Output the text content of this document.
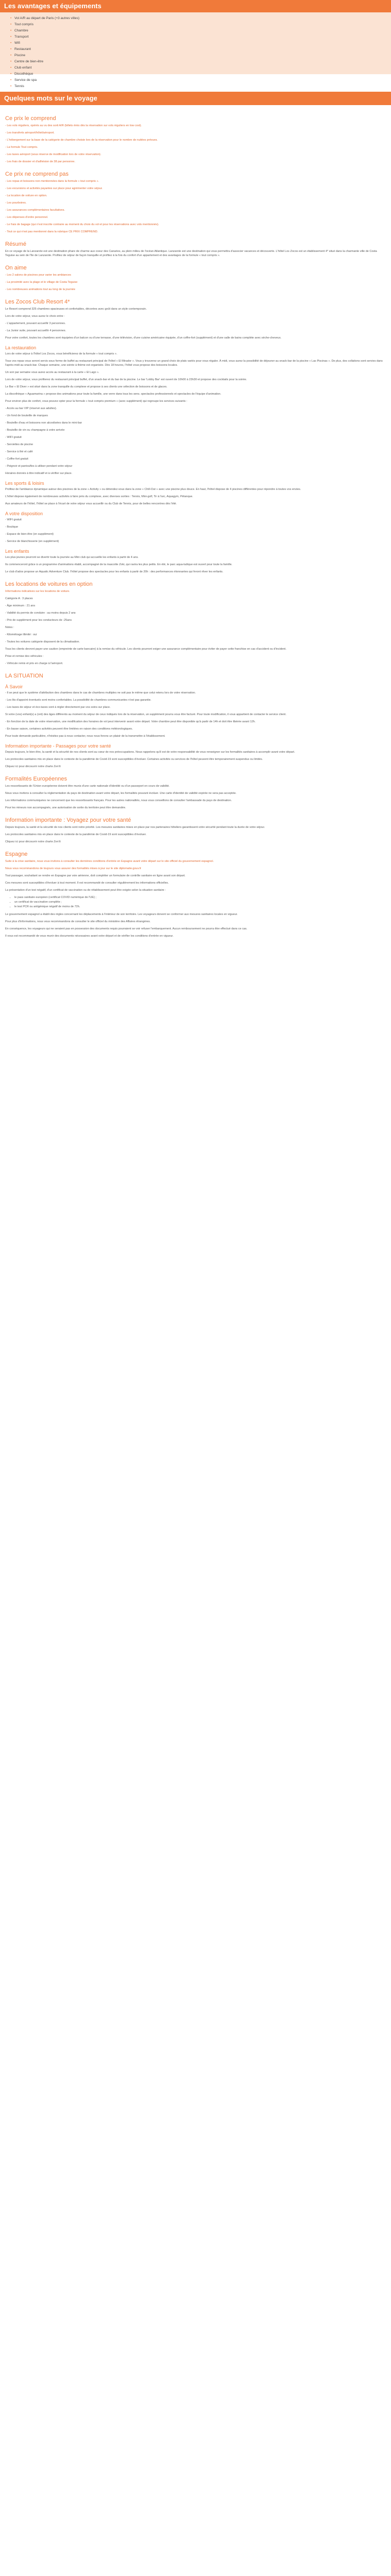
Les avantages et équipements
• Vol A/R au départ de Paris (+3 autres villes)
• Tout compris
• Chambre
• Transport
• Wifi
• Restaurant
• Piscine
• Centre de bien-être
• Club enfant
• Discothèque
• Service de spa
• Tennis
Quelques mots sur le voyage
Ce prix le comprend

- Les vols réguliers, opérés au vu des sorti A/R (billets émis dès la réservation sur vols réguliers en low cost).

- Les transferts aéroport/hôtel/aéroport.

- L'hébergement sur la base de la catégorie de chambre choisie lors de la réservation pour le nombre de nuitées prévues.

- La formule Tout compris.

- Les taxes aéroport (sous réserve de modification lors de votre réservation).

- Les frais de dossier et d'adhésion de 38 par personne.

Ce prix ne comprend pas

- Les repas et boissons non mentionnées dans la formule « tout compris ».

- Les excursions et activités payantes sur place pour agrémenter votre séjour.

- La location de voiture en option.

- Les pourboires.

- Les assurances complémentaires facultatives.

- Les dépenses d'ordre personnel.

- Le frais de bagage (qui n'est inscrite contraire au moment du choix du vol et pour les réservations avec vols mentionnés).

- Tout ce qui n'est pas mentionné dans la rubrique CE PRIX COMPREND.

Résumé

En ce voyage de la Lanzarote est une destination phare de charme aux coeur des Canaries, au plein milieu de l'océan Atlantique. Lanzarote est une destination qui vous permettra d'associer vacances et découverte. L'hôtel Los Zocos est un établissement 4* situé dans la charmante ville de Costa Teguise au sein de l'île de Lanzarote. Profitez de séjour de façon tranquille et profitez à la fois du confort d'un appartement et des avantages de la formule « tout compris ».

On aime

- Les 2 salons de piscines pour varier les ambiances

- La proximité avec la plage et le village de Costa Teguise

- Les nombreuses animations tout au long de la journée

Les Zocos Club Resort 4*

Le Resort comprend 325 chambres spacieuses et confortables, décorées avec goût dans un style contemporain.

Lors de votre séjour, vous aurez le choix entre :

- L'appartement, pouvant accueillir 3 personnes.

- La Junior suite, pouvant accueillir 4 personnes.

Pour votre confort, toutes les chambres sont équipées d'un balcon ou d'une terrasse, d'une télévision, d'une cuisine américaine équipée, d'un coffre-fort (supplément) et d'une salle de bains complète avec sèche-cheveux.

La restauration

Lors de votre séjour à l'hôtel Los Zocos, vous bénéficierez de la formule « tout compris ».

Tous vos repas vous seront servis sous forme de buffet au restaurant principal de l'hôtel « El Mirador ». Vous y trouverez un grand choix de plats variés pour vous régaler. À midi, vous aurez la possibilité de déjeuner au snack-bar de la piscine « Las Piscinas ». De plus, des collations sont servies dans l'après-midi au snack-bar. Chaque semaine, une soirée à thème est organisée. Dès 18 heures, l'hôtel vous propose des boissons locales.

Un soir par semaine vous aurez accès au restaurant à la carte « El Lago ».

Lors de votre séjour, vous profiterez du restaurant principal buffet, d'un snack-bar et du bar de la piscine. Le bar 'Lobby Bar' est ouvert de 10h00 à 23h30 et propose des cocktails pour la soirée.

Le Bar « El Diver » est situé dans la zone tranquille du complexe et propose à ses clients une sélection de boissons et de glaces.

La discothèque « Aguamarina » propose des animations pour toute la famille, une verre dans tous les sens. spectacles professionnels et spectacles de l'équipe d'animation.

Pour environ plus de confort, vous pouvez opter pour la formule « tout compris premium » (avec supplément) qui regroupe les services suivants :

- Accès au bar VIP (réservé aux adultes).

- Un fond de bouteille de marques

- Bouteille d'eau et boissons non alcoolisées dans le mini-bar

- Bouteille de vin ou champagne à votre arrivée

- WIFI gratuit

- Serviettes de piscine

- Service à thé et café

- Coffre-fort gratuit

- Peignoir et pantoufles à utiliser pendant votre séjour

Horaires donnés à titre indicatif et à vérifier sur place.

Les sports & loisirs

Profitez de l'ambiance dynamique autour des piscines de la zone « Activity » ou détendez-vous dans la zone « Chill-Out » avec une piscine plus douce. En haut, l'hôtel dispose de 4 piscines différentes pour répondre à toutes vos envies.

L'hôtel dispose également de nombreuses activités à faire près du complexe, avec diverses sorties : Tennis, Mini-golf, Tir à l'arc, Aquagym, Pétanque.

Aux amateurs de l'hôtel, l'hôtel se place à l'écart de votre séjour vous accueillir ou du Club de Tennis, pour de belles rencontres dès l'été.

A votre disposition

- WIFI gratuit

- Boutique

- Espace de bien-être (en supplément)

- Service de blanchisserie (en supplément)

Les enfants

Les plus jeunes pourront se divertir toute la journée au Mini club qui accueille les enfants à partir de 4 ans.

Ils commenceront grâce à un programme d'animations établi, accompagné de la mascotte Zoki, qui ravira les plus petits. En été, le parc aqua-ludique est ouvert pour toute la famille.

Le club d'ados propose un Aquatic Adventure Club. l'hôtel propose des spectacles pour les enfants à partir de 20h : des performances étonnantes qui feront rêver les enfants.

Les locations de voitures en option

Informations indicatives sur les locations de voiture.

Catégorie A : 3 places

- Âge minimum : 21 ans

- Validité du permis de conduire : au moins depuis 2 ans

- Prix de supplément pour les conducteurs de -25ans

Notes :

- Kilométrage illimité : oui

- Toutes les voitures catégorie disposent de la climatisation.

Tous les clients devront payer une caution (empreinte de carte bancaire) à la remise du véhicule. Les clients pourront exiger une assurance complémentaire pour éviter de payer cette franchise en cas d'accident ou d'incident.

Prise et remise des véhicules :

- Véhicule remis et pris en charge à l'aéroport.

LA SITUATION
À Savoir

- Il se peut que le système d'attribution des chambres dans le cas de chambres multiples ne soit pas le même que celui retenu lors de votre réservation.

- Les lits d'appoint éventuels sont moins confortables. La possibilité de chambres communicantes n'est pas garantie.

- Les taxes de séjour et éco-taxes sont à régler directement par vos soins sur place.

Si votre (vos) enfant(s) a (ont) des âges différents au moment du séjour de ceux indiqués lors de la réservation, un supplément pourra vous être facturé. Pour toute modification, il vous appartient de contacter le service client.

- En fonction de la date de votre réservation, une modification des horaires de vol peut intervenir avant votre départ. Votre chambre peut être disponible qu'à partir de 14h et doit être libérée avant 12h.

- En basse saison, certaines activités peuvent être limitées en raison des conditions météorologiques.

Pour toute demande particulière, n'hésitez pas à nous contacter, nous nous ferons un plaisir de la transmettre à l'établissement.

Information importante - Passages pour votre santé

Depuis toujours, le bien-être, la santé et la sécurité de nos clients sont au cœur de nos préoccupations. Nous rappelons qu'il est de votre responsabilité de vous renseigner sur les formalités sanitaires à accomplir avant votre départ.

Les protocoles sanitaires mis en place dans le contexte de la pandémie de Covid-19 sont susceptibles d'évoluer. Certaines activités ou services de l'hôtel peuvent être temporairement suspendus ou limités.

Cliquez ici pour découvrir notre charte Zen'it

Formalités Européennes

Les ressortissants de l'Union européenne doivent être munis d'une carte nationale d'identité ou d'un passeport en cours de validité.

Nous vous invitons à consulter la réglementation du pays de destination avant votre départ, les formalités pouvant évoluer. Une carte d'identité de validité expirée ne sera pas acceptée.

Les informations communiquées ne concernent que les ressortissants français. Pour les autres nationalités, nous vous conseillons de consulter l'ambassade du pays de destination.

Pour les mineurs non accompagnés, une autorisation de sortie du territoire peut être demandée.

Information importante : Voyagez pour votre santé

Depuis toujours, la santé et la sécurité de nos clients sont notre priorité. Les mesures sanitaires mises en place par nos partenaires hôteliers garantissent votre sécurité pendant toute la durée de votre séjour.

Les protocoles sanitaires mis en place dans le contexte de la pandémie de Covid-19 sont susceptibles d'évoluer.

Cliquez ici pour découvrir notre charte Zen'it

Espagne

Suite à la crise sanitaire, nous vous invitons à consulter les dernières conditions d'entrée en Espagne avant votre départ sur le site officiel du gouvernement espagnol.

Nous vous recommandons de toujours vous assurer des formalités mises à jour sur le site diplomatie.gouv.fr

Tout passager, souhaitant se rendre en Espagne par voie aérienne, doit compléter un formulaire de contrôle sanitaire en ligne avant son départ.

Ces mesures sont susceptibles d'évoluer à tout moment. Il est recommandé de consulter régulièrement les informations officielles.

La présentation d'un test négatif, d'un certificat de vaccination ou de rétablissement peut être exigée selon la situation sanitaire :

• le pass sanitaire européen (certificat COVID numérique de l'UE) ;
• un certificat de vaccination complète ;
• le test PCR ou antigénique négatif de moins de 72h.

Le gouvernement espagnol a établi des règles concernant les déplacements à l'intérieur de son territoire. Les voyageurs doivent se conformer aux mesures sanitaires locales en vigueur.

Pour plus d'informations, nous vous recommandons de consulter le site officiel du ministère des Affaires étrangères.

En conséquence, les voyageurs qui ne seraient pas en possession des documents requis pourraient se voir refuser l'embarquement. Aucun remboursement ne pourra être effectué dans ce cas.

Il vous est recommandé de vous munir des documents nécessaires avant votre départ et de vérifier les conditions d'entrée en vigueur.
